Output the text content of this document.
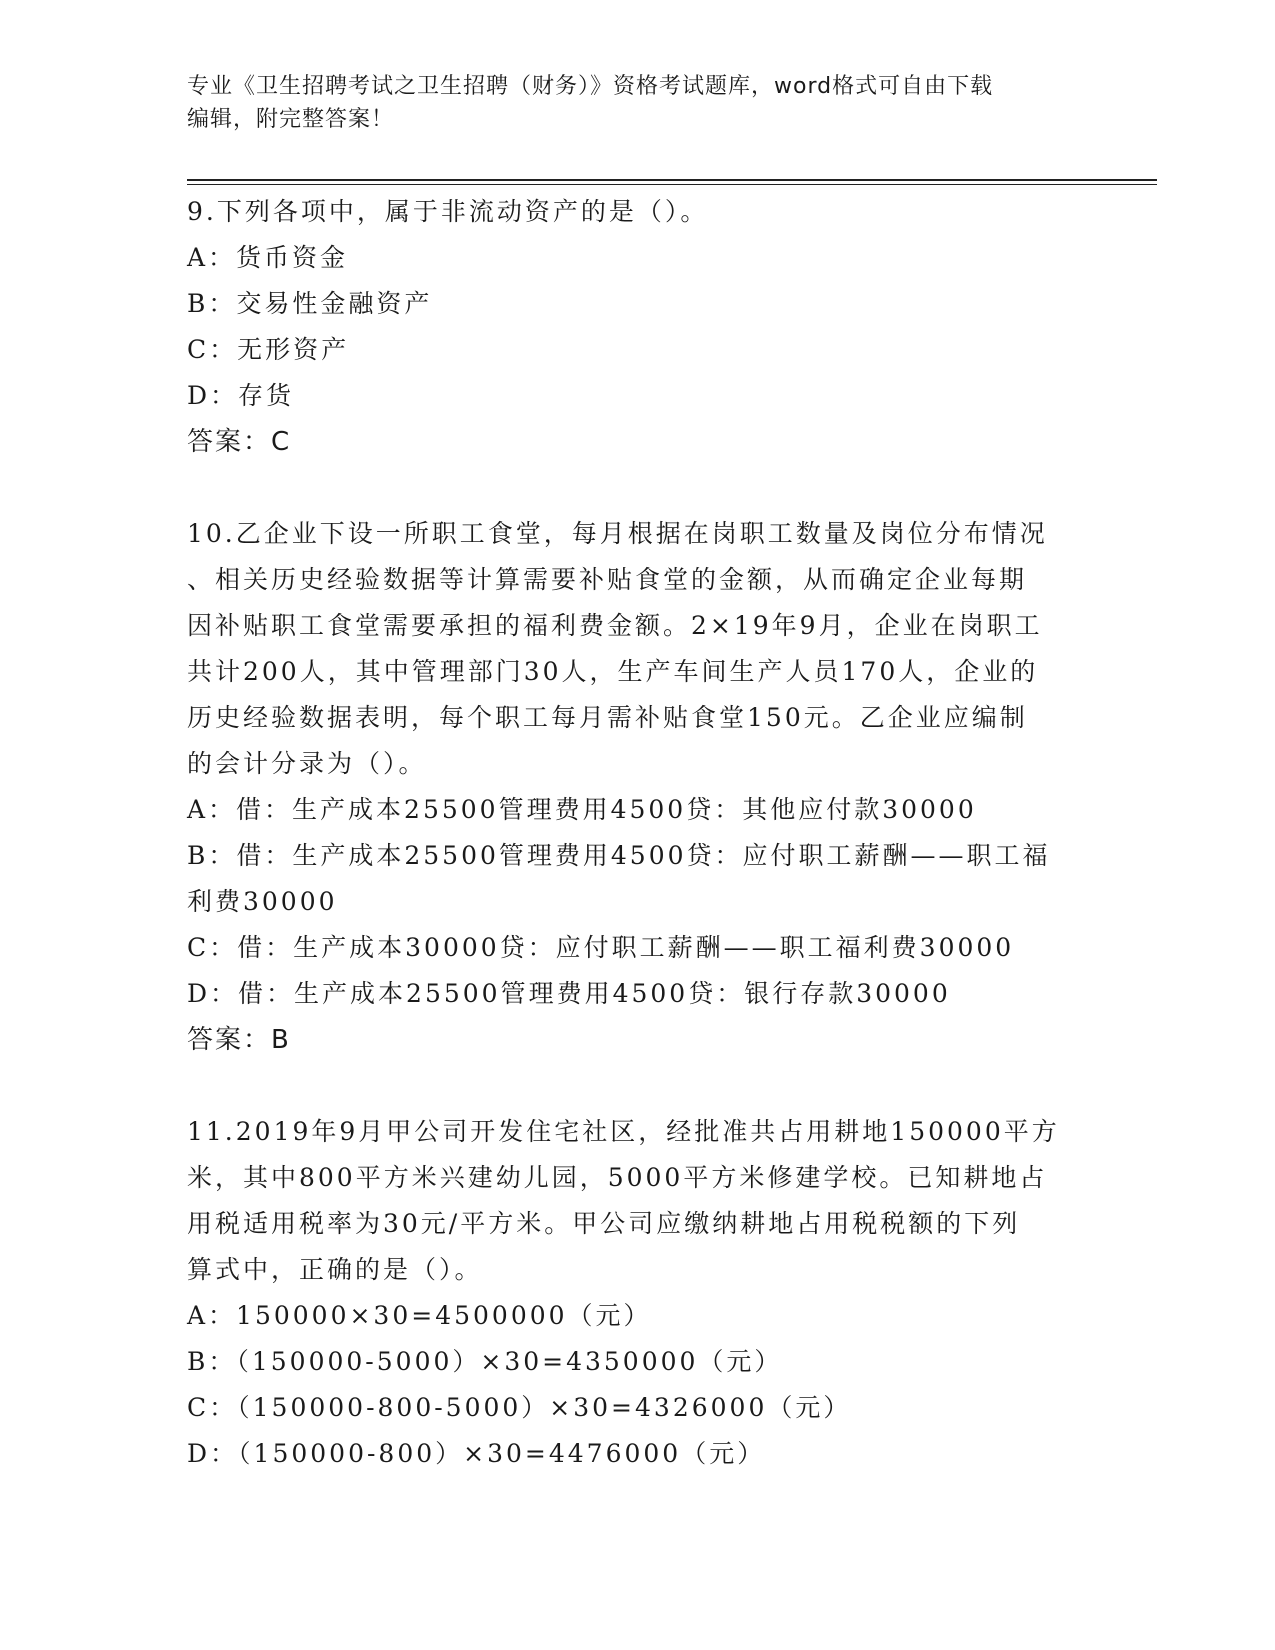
专业《卫生招聘考试之卫生招聘（财务）》资格考试题库，word格式可自由下载
编辑，附完整答案！
9.下列各项中，属于非流动资产的是（）。
A：货币资金
B：交易性金融资产
C：无形资产
D：存货
答案：C
10.乙企业下设一所职工食堂，每月根据在岗职工数量及岗位分布情况
、相关历史经验数据等计算需要补贴食堂的金额，从而确定企业每期
因补贴职工食堂需要承担的福利费金额。2×19年9月，企业在岗职工
共计200人，其中管理部门30人，生产车间生产人员170人，企业的
历史经验数据表明，每个职工每月需补贴食堂150元。乙企业应编制
的会计分录为（）。
A：借：生产成本25500管理费用4500贷：其他应付款30000
B：借：生产成本25500管理费用4500贷：应付职工薪酬——职工福
利费30000
C：借：生产成本30000贷：应付职工薪酬——职工福利费30000
D：借：生产成本25500管理费用4500贷：银行存款30000
答案：B
11.2019年9月甲公司开发住宅社区，经批准共占用耕地150000平方
米，其中800平方米兴建幼儿园，5000平方米修建学校。已知耕地占
用税适用税率为30元/平方米。甲公司应缴纳耕地占用税税额的下列
算式中，正确的是（）。
A：150000×30=4500000（元）
B：（150000-5000）×30=4350000（元）
C：（150000-800-5000）×30=4326000（元）
D：（150000-800）×30=4476000（元）
